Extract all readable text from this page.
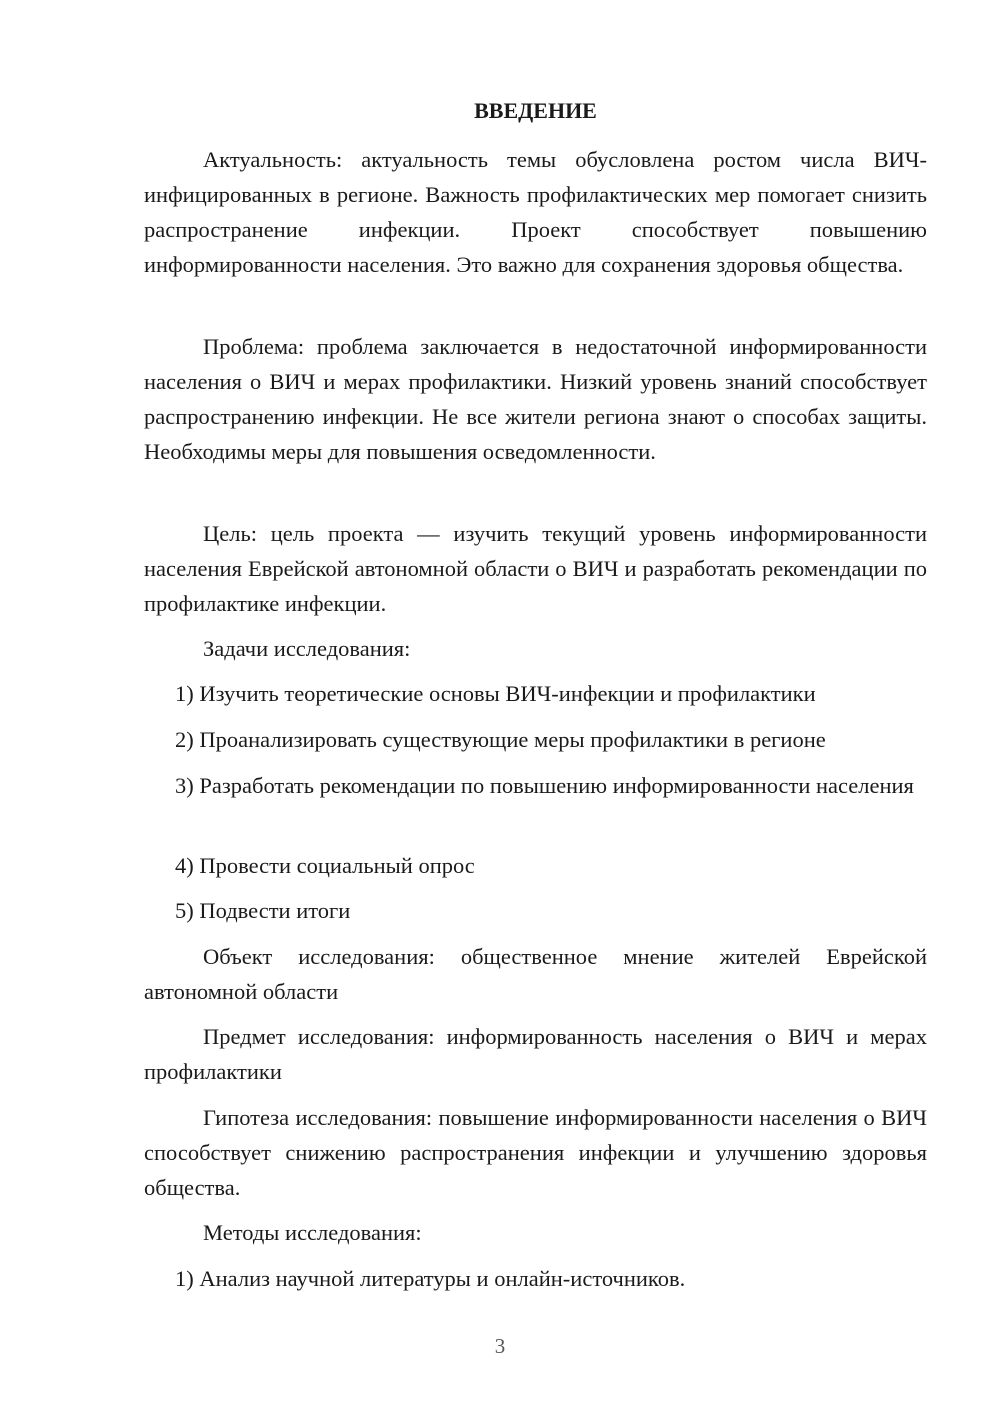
ВВЕДЕНИЕ

Актуальность: актуальность темы обусловлена ростом числа ВИЧ-инфицированных в регионе. Важность профилактических мер помогает снизить распространение инфекции. Проект способствует повышению информированности населения. Это важно для сохранения здоровья общества.

Проблема: проблема заключается в недостаточной информированности населения о ВИЧ и мерах профилактики. Низкий уровень знаний способствует распространению инфекции. Не все жители региона знают о способах защиты. Необходимы меры для повышения осведомленности.

Цель: цель проекта — изучить текущий уровень информированности населения Еврейской автономной области о ВИЧ и разработать рекомендации по профилактике инфекции.

Задачи исследования:

1) Изучить теоретические основы ВИЧ-инфекции и профилактики

2) Проанализировать существующие меры профилактики в регионе

3) Разработать рекомендации по повышению информированности населения

4) Провести социальный опрос

5) Подвести итоги

Объект исследования: общественное мнение жителей Еврейской автономной области

Предмет исследования: информированность населения о ВИЧ и мерах профилактики

Гипотеза исследования: повышение информированности населения о ВИЧ способствует снижению распространения инфекции и улучшению здоровья общества.

Методы исследования:

1) Анализ научной литературы и онлайн-источников.

3
